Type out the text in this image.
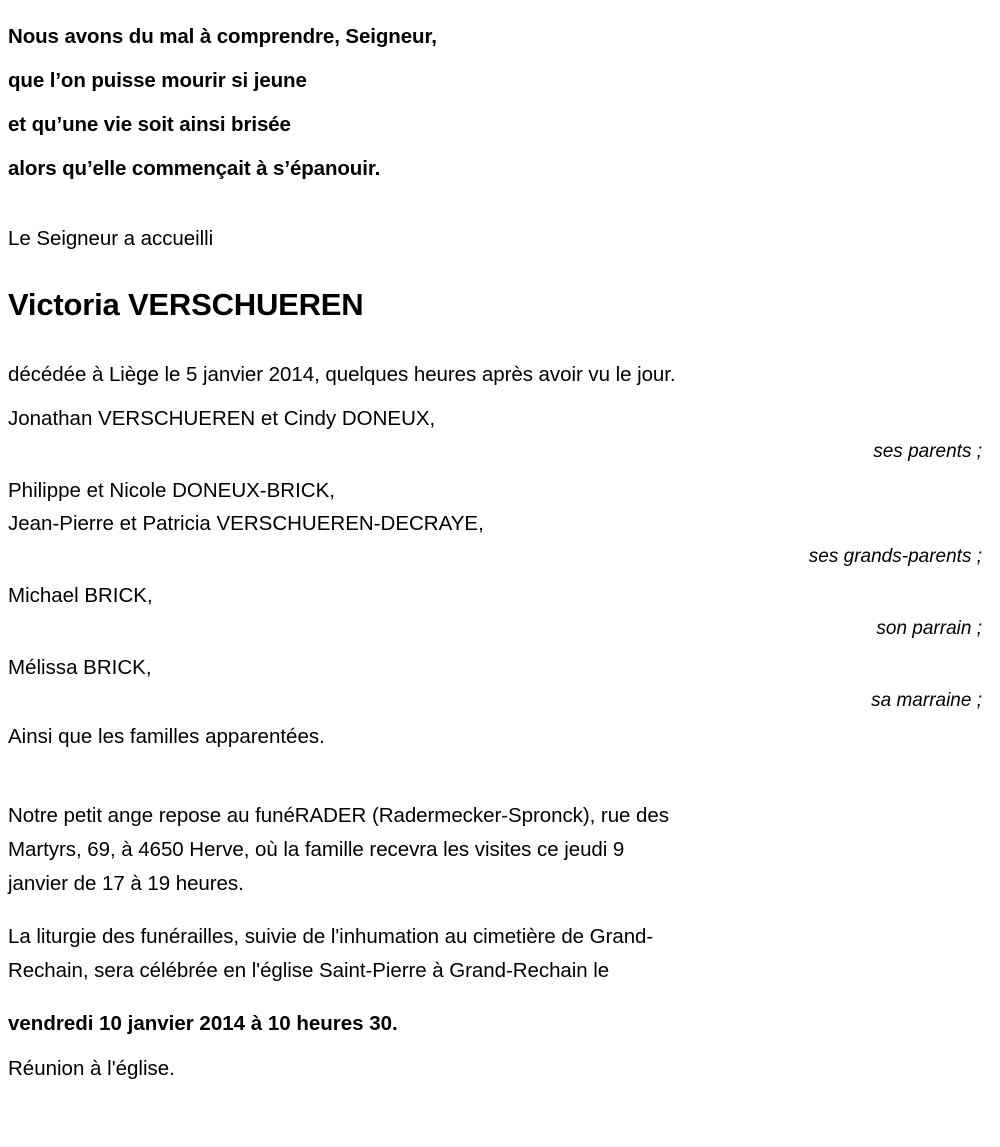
Nous avons du mal à comprendre, Seigneur,
que l’on puisse mourir si jeune
et qu’une vie soit ainsi brisée
alors qu’elle commençait à s’épanouir.
Le Seigneur a accueilli
Victoria VERSCHUEREN
décédée à Liège le 5 janvier 2014, quelques heures après avoir vu le jour.
Jonathan VERSCHUEREN et Cindy DONEUX,
ses parents ;
Philippe et Nicole DONEUX-BRICK,
Jean-Pierre et Patricia VERSCHUEREN-DECRAYE,
ses grands-parents ;
Michael BRICK,
son parrain ;
Mélissa BRICK,
sa marraine ;
Ainsi que les familles apparentées.
Notre petit ange repose au funéRADER (Radermecker-Spronck), rue des
Martyrs, 69, à 4650 Herve, où la famille recevra les visites ce jeudi 9
janvier de 17 à 19 heures.
La liturgie des funérailles, suivie de l'inhumation au cimetière de Grand-
Rechain, sera célébrée en l'église Saint-Pierre à Grand-Rechain le
vendredi 10 janvier 2014 à 10 heures 30.
Réunion à l'église.
